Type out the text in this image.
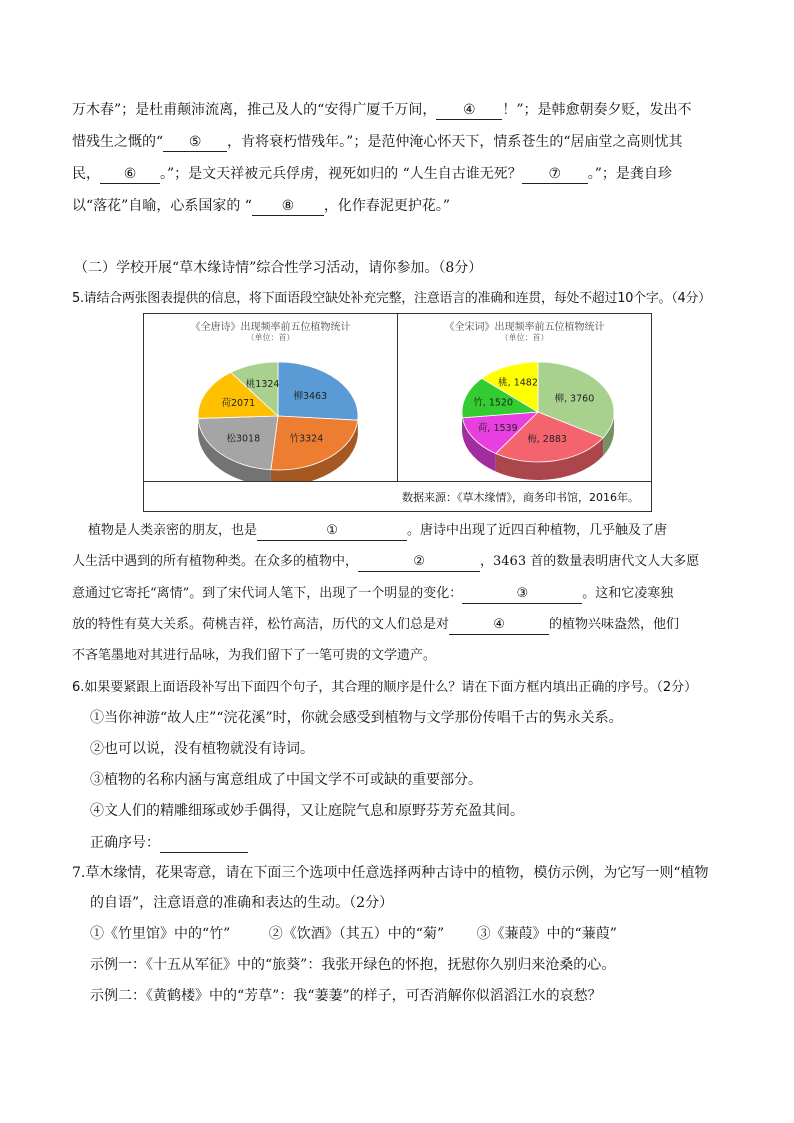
万木春”；是杜甫颠沛流离，推己及人的“安得广厦千万间， ④ ！”；是韩愈朝奏夕贬，发出不
惜残生之慨的“ ⑤ ，肯将衰朽惜残年。”；是范仲淹心怀天下，情系苍生的“居庙堂之高则忧其
民， ⑥ 。”；是文天祥被元兵俘虏，视死如归的 “人生自古谁无死？ ⑦ 。”；是龚自珍
以“落花”自喻，心系国家的 “ ⑧ ，化作春泥更护花。”
（二）学校开展“草木缘诗情”综合性学习活动，请你参加。（8分）
5.请结合两张图表提供的信息，将下面语段空缺处补充完整，注意语言的准确和连贯，每处不超过10个字。（4分）
《全唐诗》出现频率前五位植物统计
（单位：首）
柳3463
竹3324
松3018
荷2071
桃1324
《全宋词》出现频率前五位植物统计
（单位：首）
柳, 3760
梅, 2883
荷, 1539
竹, 1520
桃, 1482
数据来源：《草木缘情》，商务印书馆，2016年。
植物是人类亲密的朋友，也是	①	。唐诗中出现了近四百种植物，几乎触及了唐
人生活中遇到的所有植物种类。在众多的植物中，	②	，3463 首的数量表明唐代文人大多愿
意通过它寄托“离情”。到了宋代词人笔下，出现了一个明显的变化：	③	。这和它凌寒独
放的特性有莫大关系。荷桃吉祥，松竹高洁，历代的文人们总是对	④	的植物兴味盎然，他们
不吝笔墨地对其进行品咏，为我们留下了一笔可贵的文学遗产。
6.如果要紧跟上面语段补写出下面四个句子，其合理的顺序是什么？请在下面方框内填出正确的序号。（2分）
①当你神游“故人庄”“浣花溪”时，你就会感受到植物与文学那份传唱千古的隽永关系。
②也可以说，没有植物就没有诗词。
③植物的名称内涵与寓意组成了中国文学不可或缺的重要部分。
④文人们的精雕细琢或妙手偶得，又让庭院气息和原野芬芳充盈其间。
正确序号：
7.草木缘情，花果寄意，请在下面三个选项中任意选择两种古诗中的植物，模仿示例，为它写一则“植物
的自语”，注意语意的准确和表达的生动。（2分）
①《竹里馆》中的“竹”	②《饮酒》（其五）中的“菊” ③《蒹葭》中的“蒹葭”
示例一：《十五从军征》中的“旅葵”：我张开绿色的怀抱，抚慰你久别归来沧桑的心。
示例二：《黄鹤楼》中的“芳草”：我“萋萋”的样子，可否消解你似滔滔江水的哀愁？
